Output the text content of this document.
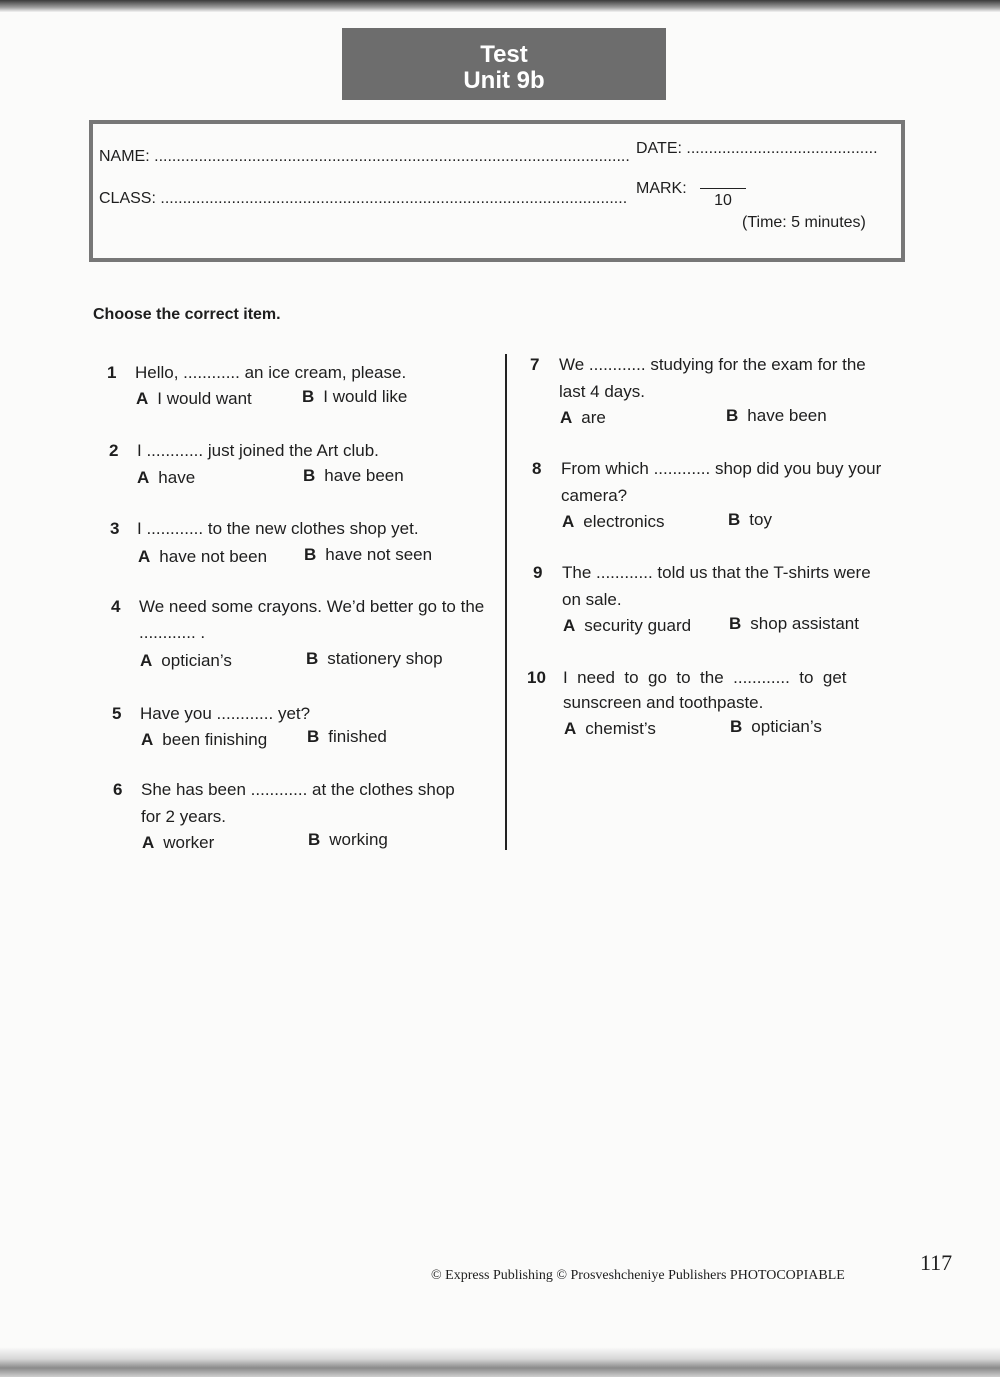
Test
Unit 9b
NAME: ...........................................................................................................
CLASS: .........................................................................................................
DATE: ...........................................
MARK:
10
(Time: 5 minutes)
Choose the correct item.
1 Hello, ............ an ice cream, please.
A I would want	B I would like
2 I ............ just joined the Art club.
A have	B have been
3 I ............ to the new clothes shop yet.
A have not been B have not seen
4 We need some crayons. We’d better go to the
............ .
A optician’s	B stationery shop
5 Have you ............ yet?
A been finishing B finished
6 She has been ............ at the clothes shop
for 2 years.
A worker	B working
7 We ............ studying for the exam for the
last 4 days.
A are	B have been
8 From which ............ shop did you buy your
camera?
A electronics	B toy
9 The ............ told us that the T-shirts were
on sale.
A security guard B shop assistant
10 I  need  to  go  to  the  ............  to  get
sunscreen and toothpaste.
A chemist’s	B optician’s
© Express Publishing © Prosveshcheniye Publishers PHOTOCOPIABLE
117
